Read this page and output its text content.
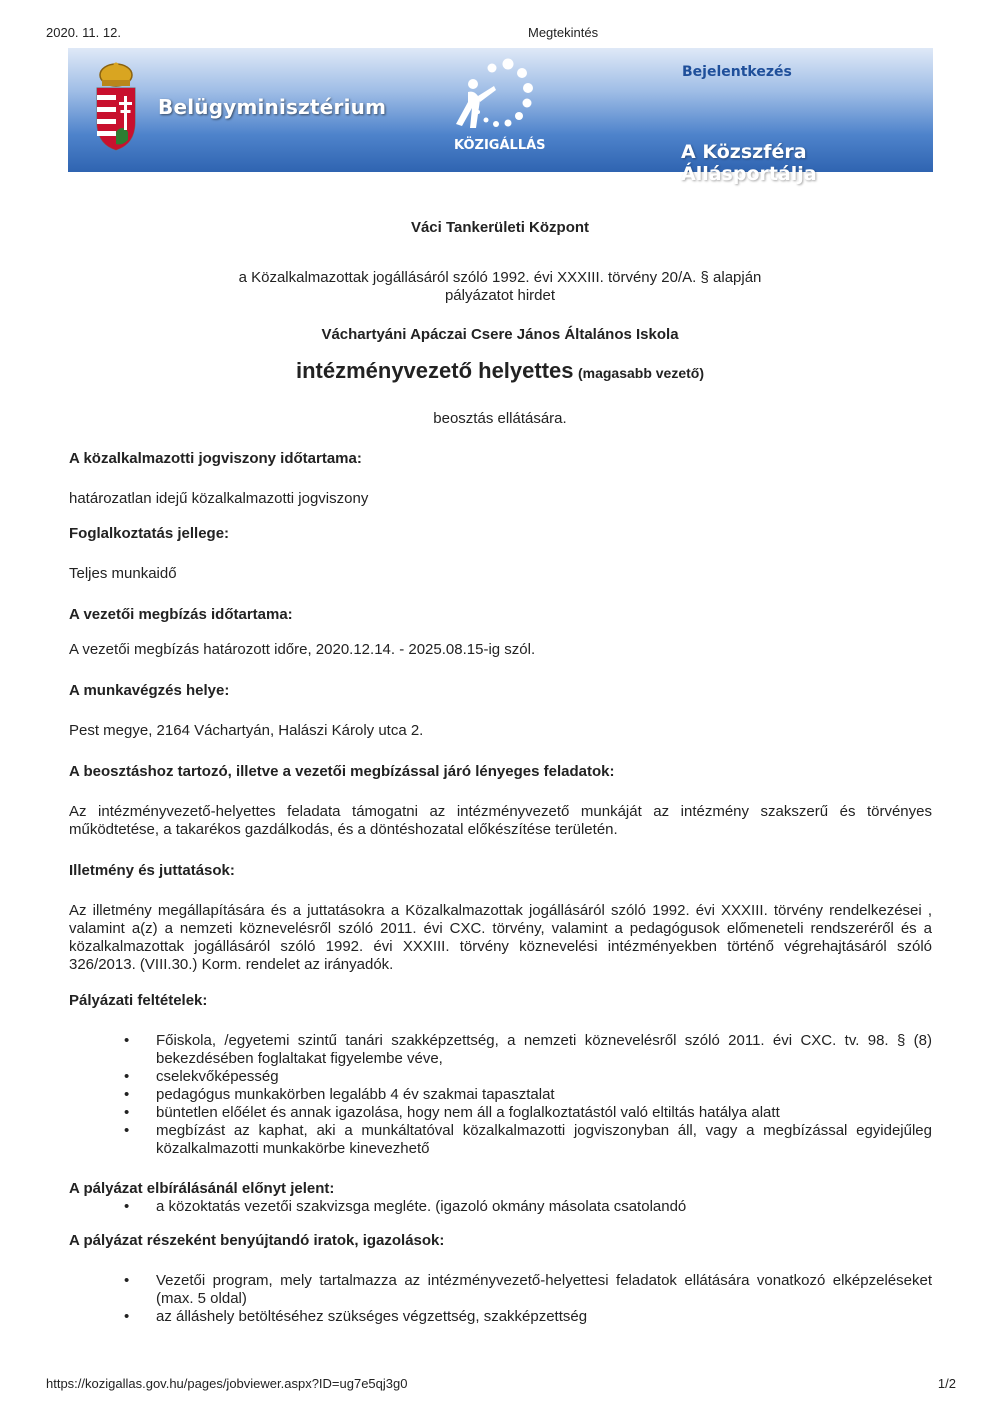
2020. 11. 12.	Megtekintés
Belügyminisztérium
KÖZIGÁLLÁS
Bejelentkezés
A Közszféra Állásportálja
Váci Tankerületi Központ
a Közalkalmazottak jogállásáról szóló 1992. évi XXXIII. törvény 20/A. § alapján
pályázatot hirdet
Váchartyáni Apáczai Csere János Általános Iskola
intézményvezető helyettes (magasabb vezető)
beosztás ellátására.
A közalkalmazotti jogviszony időtartama:
határozatlan idejű közalkalmazotti jogviszony
Foglalkoztatás jellege:
Teljes munkaidő
A vezetői megbízás időtartama:
A vezetői megbízás határozott időre, 2020.12.14. - 2025.08.15-ig szól.
A munkavégzés helye:
Pest megye, 2164 Váchartyán, Halászi Károly utca 2.
A beosztáshoz tartozó, illetve a vezetői megbízással járó lényeges feladatok:
Az intézményvezető-helyettes feladata támogatni az intézményvezető munkáját az intézmény szakszerű és törvényes működtetése, a takarékos gazdálkodás, és a döntéshozatal előkészítése területén.
Illetmény és juttatások:
Az illetmény megállapítására és a juttatásokra a Közalkalmazottak jogállásáról szóló 1992. évi XXXIII. törvény rendelkezései , valamint a(z) a nemzeti köznevelésről szóló 2011. évi CXC. törvény, valamint a pedagógusok előmeneteli rendszeréről és a közalkalmazottak jogállásáról szóló 1992. évi XXXIII. törvény köznevelési intézményekben történő végrehajtásáról szóló 326/2013. (VIII.30.) Korm. rendelet az irányadók.
Pályázati feltételek:
• Főiskola, /egyetemi szintű tanári szakképzettség, a nemzeti köznevelésről szóló 2011. évi CXC. tv. 98. § (8) bekezdésében foglaltakat figyelembe véve,
• cselekvőképesség
• pedagógus munkakörben legalább 4 év szakmai tapasztalat
• büntetlen előélet és annak igazolása, hogy nem áll a foglalkoztatástól való eltiltás hatálya alatt
• megbízást az kaphat, aki a munkáltatóval közalkalmazotti jogviszonyban áll, vagy a megbízással egyidejűleg közalkalmazotti munkakörbe kinevezhető
A pályázat elbírálásánál előnyt jelent:
• a közoktatás vezetői szakvizsga megléte. (igazoló okmány másolata csatolandó
A pályázat részeként benyújtandó iratok, igazolások:
• Vezetői program, mely tartalmazza az intézményvezető-helyettesi feladatok ellátására vonatkozó elképzeléseket (max. 5 oldal)
• az álláshely betöltéséhez szükséges végzettség, szakképzettség
https://kozigallas.gov.hu/pages/jobviewer.aspx?ID=ug7e5qj3g0	1/2
